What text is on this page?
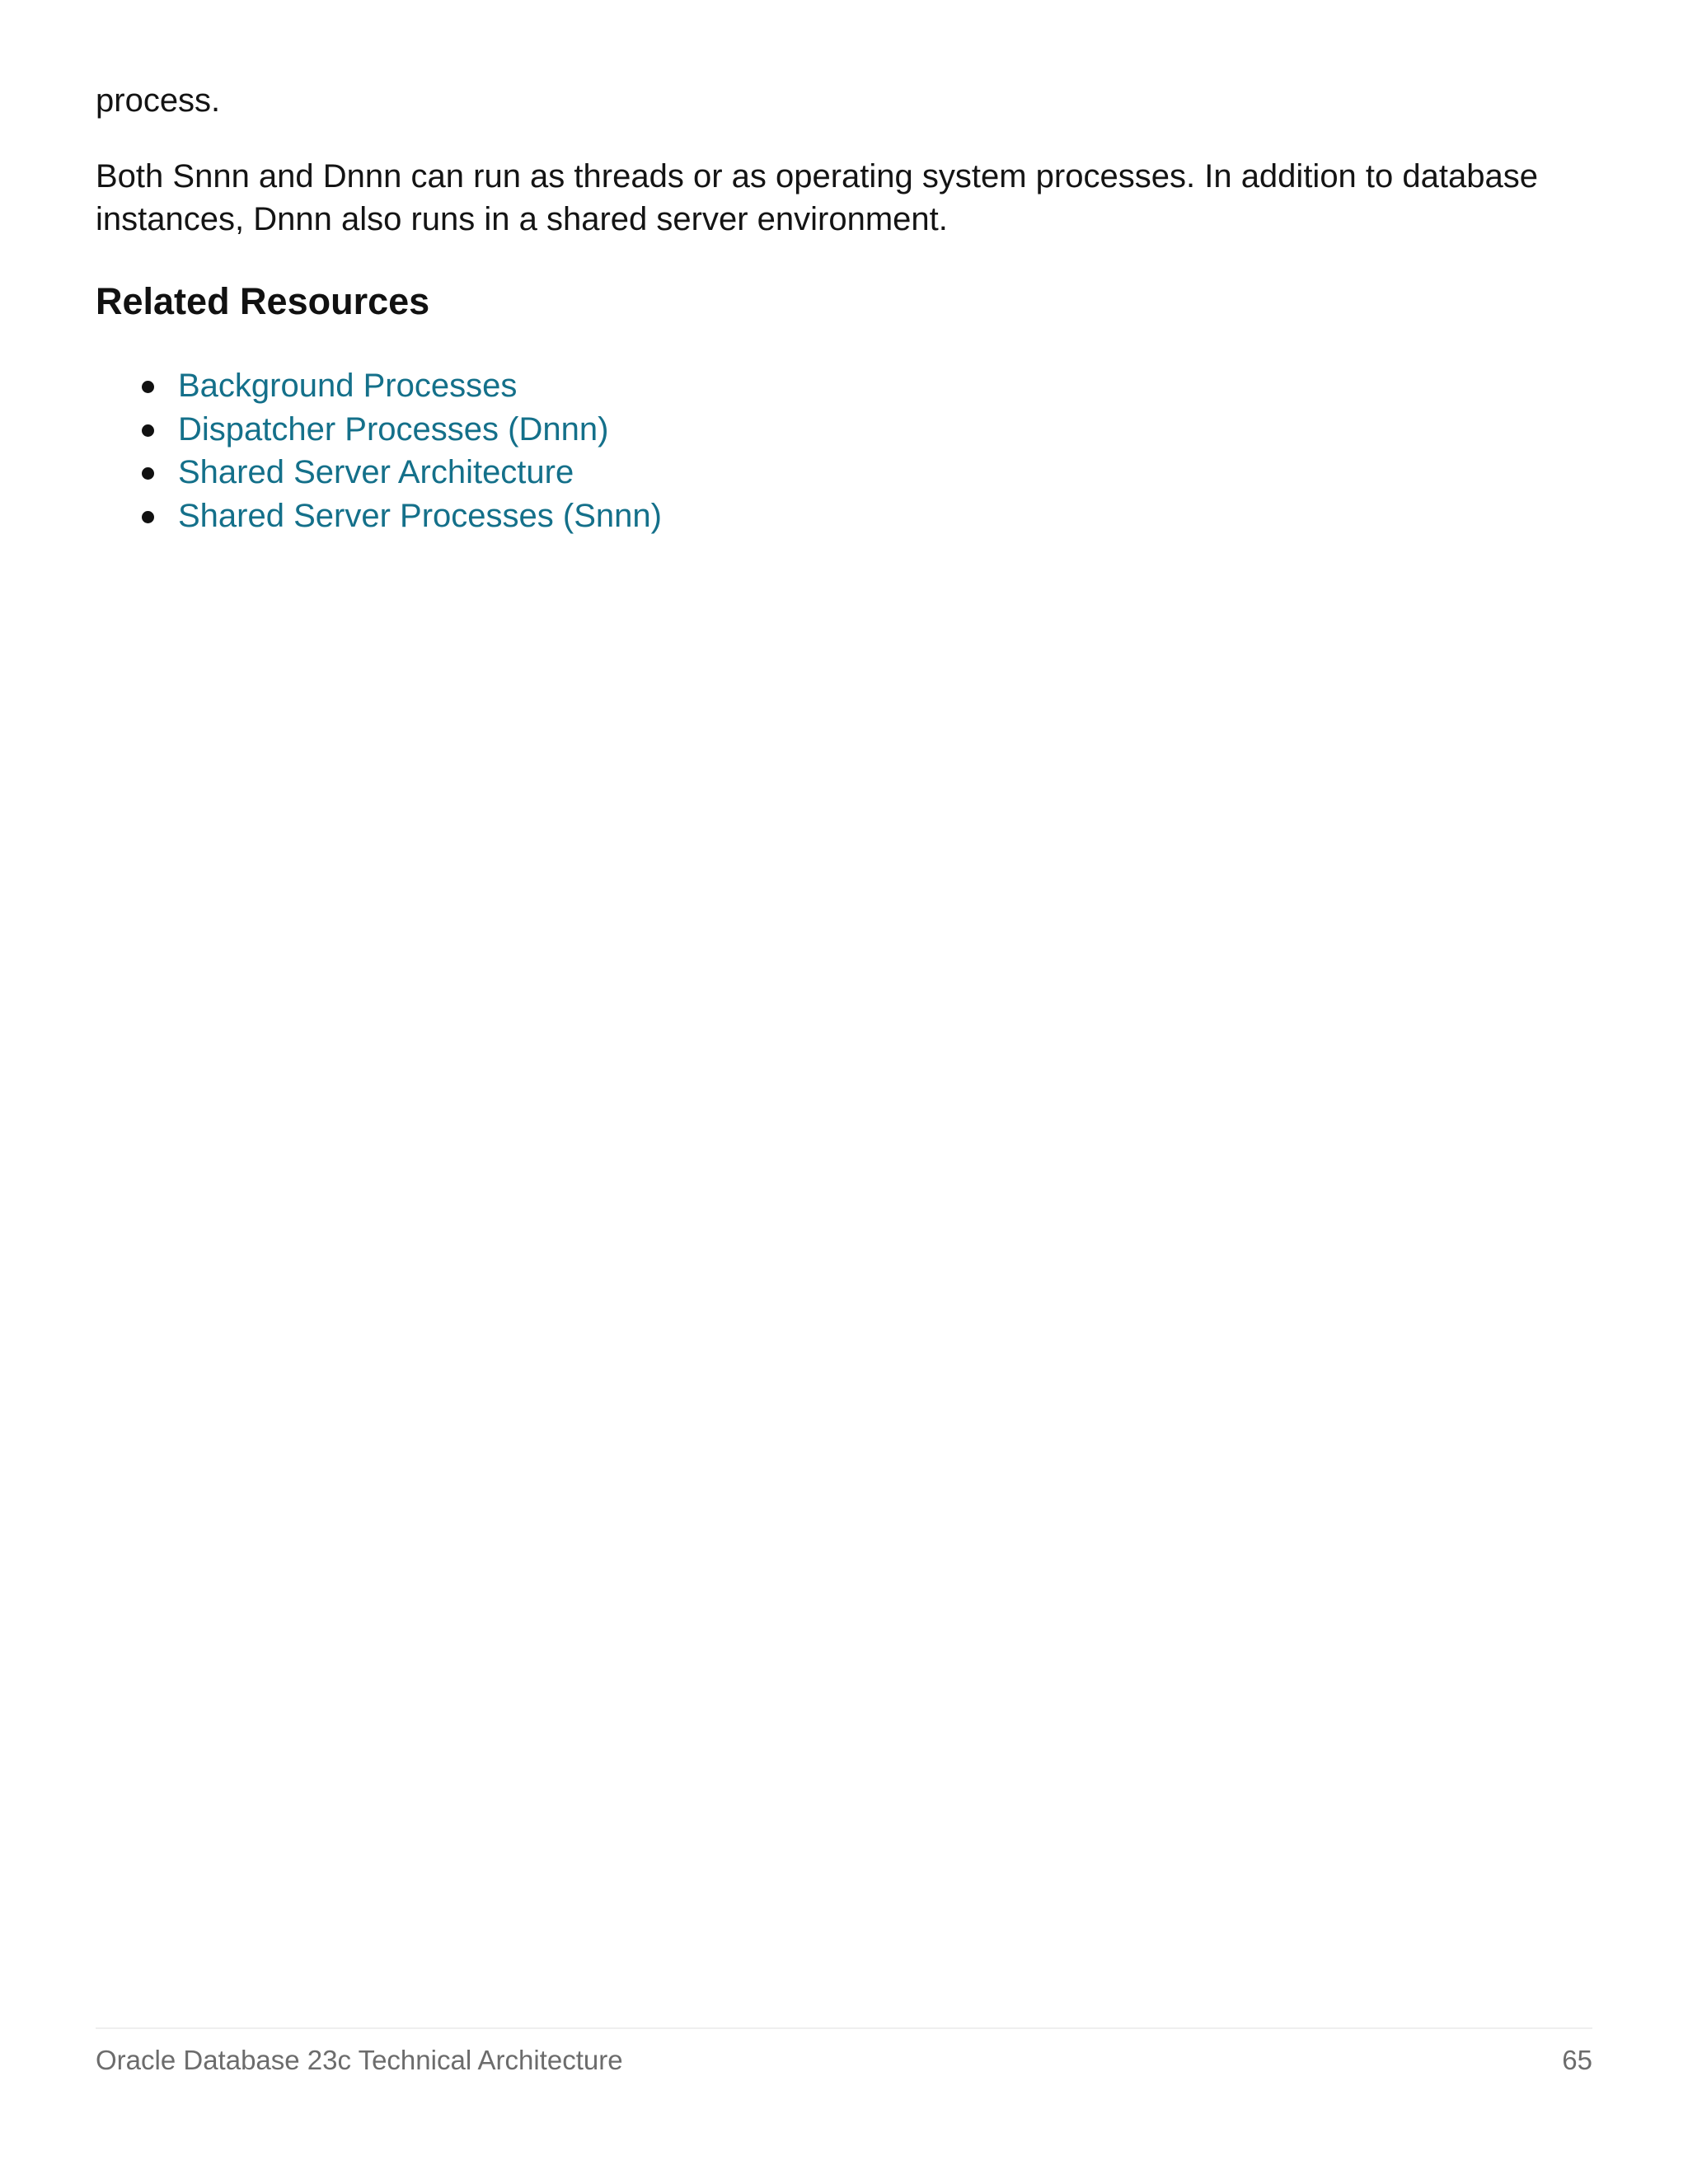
process.

Both Snnn and Dnnn can run as threads or as operating system processes. In addition to database
instances, Dnnn also runs in a shared server environment.

Related Resources
Background Processes
Dispatcher Processes (Dnnn)
Shared Server Architecture
Shared Server Processes (Snnn)
Oracle Database 23c Technical Architecture	65
